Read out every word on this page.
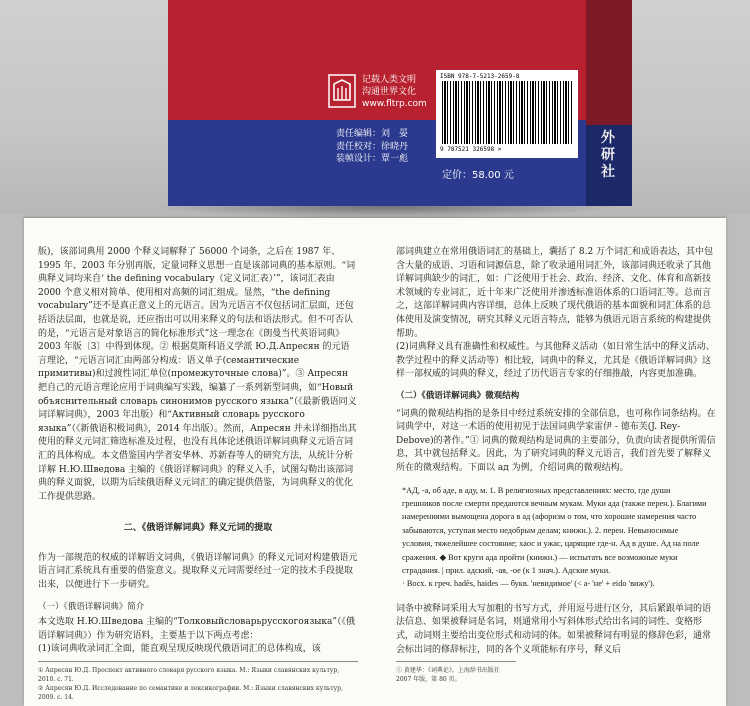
记载人类文明
沟通世界文化
www.fltrp.com
责任编辑：刘　晏
责任校对：徐晓丹
装帧设计：覃一彪
ISBN 978-7-5213-2659-8
9 787521 326598 >
定价：58.00 元
外研社

版)，该部词典用 2000 个释义词解释了 56000 个词条，之后在 1987 年、1995 年、2003 年分别再版，定量词释义思想一直是该部词典的基本原则。“词典释义词均来自‘ the defining vocabulary（定义词汇表）’”，该词汇表由 2000 个意义相对简单、使用相对高频的词汇组成。显然，“the defining vocabulary”还不是真正意义上的元语言。因为元语言不仅包括词汇层面，还包括语法层面，也就是说，还应指出可以用来释义的句法和语法形式。但不可否认的是，“元语言是对象语言的简化标准形式”这一理念在《朗曼当代英语词典》2003 年版〔3〕中得到体现。② 根据莫斯科语义学派 Ю.Д.Апресян 的元语言理论，“元语言词汇由两部分构成：语义单子(семантические примитивы)和过渡性词汇单位(промежуточные слова)”。③ Апресян 把自己的元语言理论应用于词典编写实践，编纂了一系列新型词典，如“Новый объяснительный словарь синонимов русского языка”（《最新俄语同义词详解词典》，2003 年出版）和“Активный словарь русского языка”（《新俄语积极词典》，2014 年出版）。然而，Апресян 并未详细指出其使用的释义元词汇筛选标准及过程，也没有具体论述俄语详解词典释义元语言词汇的具体构成。本文借鉴国内学者安华林、苏新春等人的研究方法，从统计分析详解 Н.Ю.Шведова 主编的《俄语详解词典》的释义入手，试图勾勒出该部词典的释义面貌，以期为后续俄语释义元词汇的确定提供借鉴，为词典释义的优化工作提供思路。

二、《俄语详解词典》释义元词的提取

作为一部规范的权威的详解语文词典，《俄语详解词典》的释义元词对构建俄语元语言词汇系统具有重要的借鉴意义。提取释义元词需要经过一定的技术手段提取出来，以便进行下一步研究。

（一）《俄语详解词典》简介

本文选取 Н.Ю.Шведова 主编的“Толковыйсловарьрусскогоязыка”（《俄语详解词典》）作为研究语料，主要基于以下两点考虑：

(1)该词典收录词汇全面，能直观呈现反映现代俄语词汇的总体构成，该

① Апресян Ю.Д. Проспект активного словаря русского языка. М.: Языки славянских культур, 2010. c. 71.
② Апресян Ю.Д. Исследование по семантике и лексикографии. М.: Языки славянских культур, 2009. c. 14.

部词典建立在常用俄语词汇的基础上，囊括了 8.2 万个词汇和成语表达，其中包含大量的成语、习语和词源信息，除了收录通用词汇外，该部词典还收录了其他详解词典缺少的词汇，如：广泛使用于社会、政治、经济、文化、体育和高新技术领域的专业词汇，近十年来广泛使用并渗透标准语体系的口语词汇等。总而言之，这部详解词典内容详细，总体上反映了现代俄语的基本面貌和词汇体系的总体使用及演变情况，研究其释义元语言特点，能够为俄语元语言系统的构建提供帮助。

(2)词典释义具有准确性和权威性。与其他释义活动（如日常生活中的释义活动、教学过程中的释义活动等）相比较，词典中的释义，尤其是《俄语详解词典》这样一部权威的词典的释义，经过了历代语言专家的仔细推敲，内容更加准确。

（二）《俄语详解词典》微观结构

“词典的微观结构指的是条目中经过系统安排的全部信息，也可称作词条结构。在词典学中，对这一术语的使用初见于法国词典学家雷伊 - 德布芙(J. Rey-Debove)的著作。”① 词典的微观结构是词典的主要部分，负责向读者提供所需信息，其中就包括释义。因此，为了研究词典的释义元语言，我们首先要了解释义所在的微观结构。下面以 ад 为例，介绍词典的微观结构。

*АД, -а, об аде, в аду, м. 1. В религиозных представлениях: место, где души грешников после смерти предаются вечным мукам. Муки ада (также перен.). Благими намерениями вымощена дорога в ад (афоризм о том, что хорошие намерения часто забываются, уступая место недобрым делам; книжн.). 2. перен. Невыносимые условия, тяжелейшее состояние; хаос и ужас, царящие где-н. Ад в душе. Ад на поле сражения. ◆ Вот круги ада пройти (книжн.) — испытать все возможные муки страдания. | прил. адский, -ая, -ое (к 1 знач.). Адские муки.
· Восх. к греч. hadēs, haides — букв. 'невидимое' (< а- 'не' + eido 'вижу').

词条中被释词采用大写加粗的书写方式，并用逗号进行区分，其后紧跟单词的语法信息、如果被释词是名词，则通常用小写斜体形式给出名词的词性、变格形式，动词则主要给出变位形式和动词的体。如果被释词有明显的修辞色彩，通常会标出词的修辞标注，同的各个义项能标有序号，释义后

① 黄建华：《词典论》，上海辞书出版社 2007 年版，第 80 页。
